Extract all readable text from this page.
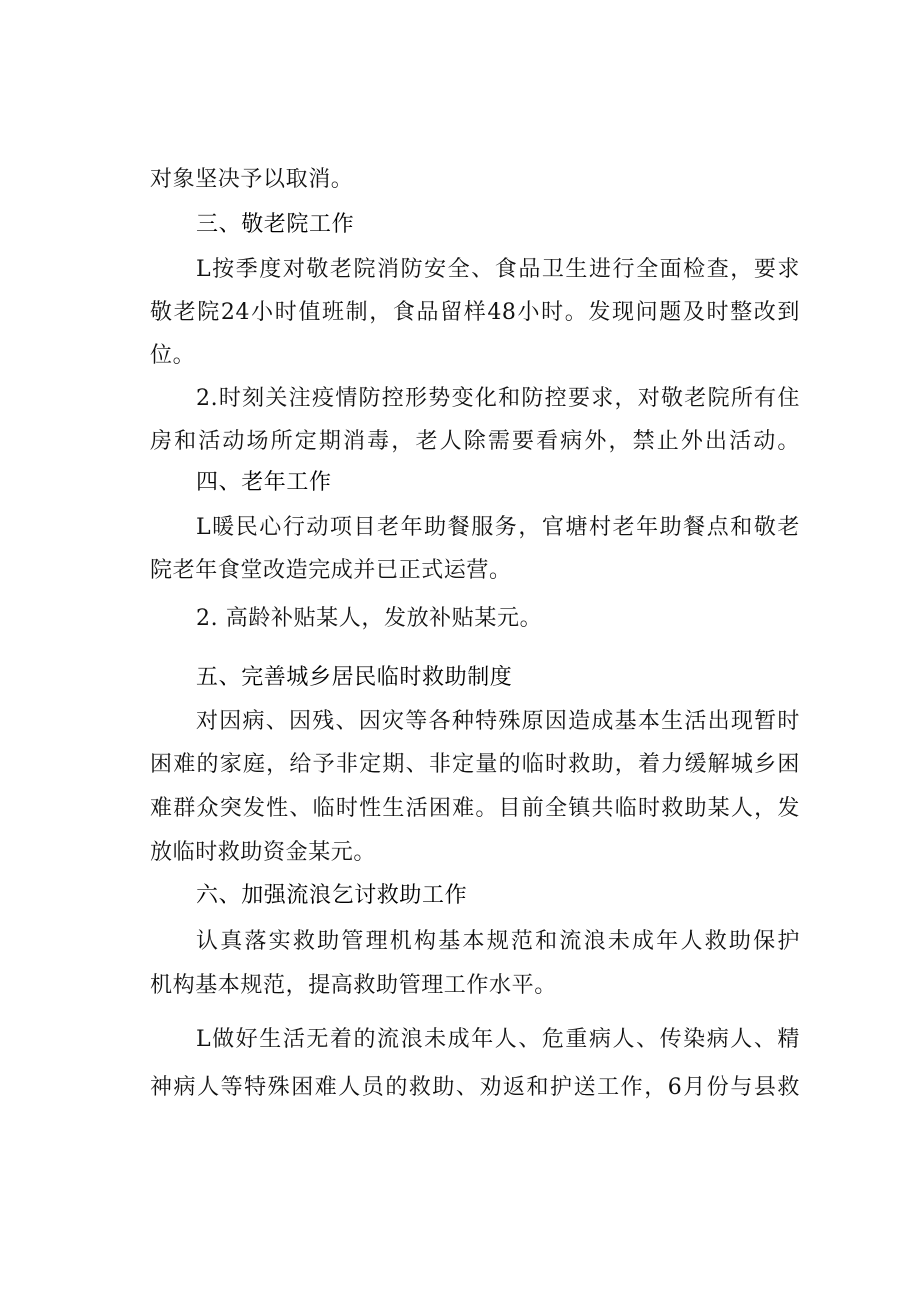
对象坚决予以取消。
三、敬老院工作
L按季度对敬老院消防安全、食品卫生进行全面检查，要求
敬老院24小时值班制，食品留样48小时。发现问题及时整改到
位。
2.时刻关注疫情防控形势变化和防控要求，对敬老院所有住
房和活动场所定期消毒，老人除需要看病外，禁止外出活动。
四、老年工作
L暖民心行动项目老年助餐服务，官塘村老年助餐点和敬老
院老年食堂改造完成并已正式运营。
2. 高龄补贴某人，发放补贴某元。
五、完善城乡居民临时救助制度
对因病、因残、因灾等各种特殊原因造成基本生活出现暂时
困难的家庭，给予非定期、非定量的临时救助，着力缓解城乡困
难群众突发性、临时性生活困难。目前全镇共临时救助某人，发
放临时救助资金某元。
六、加强流浪乞讨救助工作
认真落实救助管理机构基本规范和流浪未成年人救助保护
机构基本规范，提高救助管理工作水平。
L做好生活无着的流浪未成年人、危重病人、传染病人、精
神病人等特殊困难人员的救助、劝返和护送工作，6月份与县救
